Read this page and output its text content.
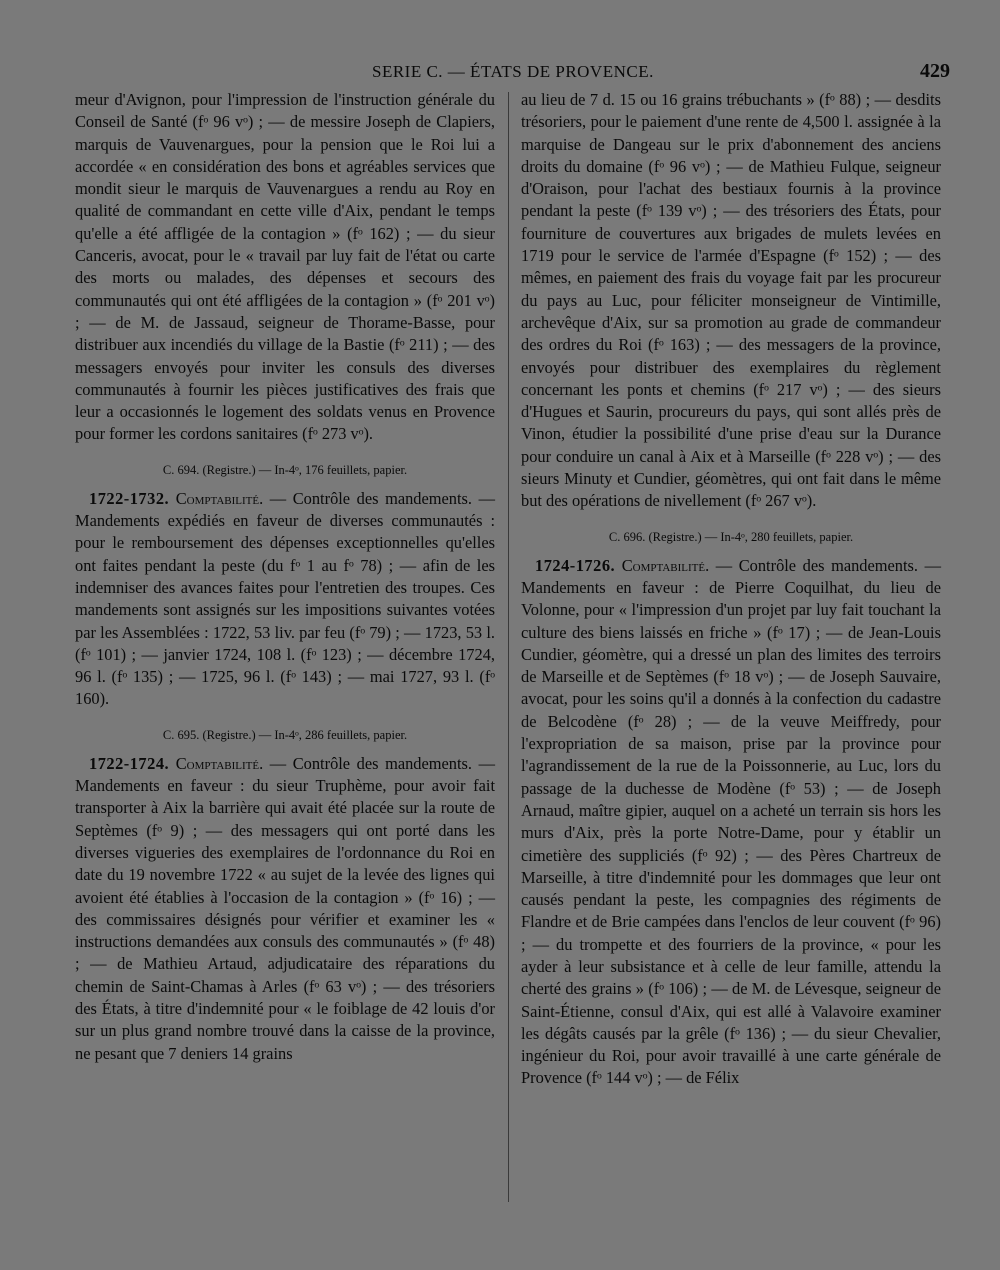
SERIE C. — ÉTATS DE PROVENCE.	429

meur d'Avignon, pour l'impression de l'instruction générale du Conseil de Santé (fᵒ 96 vᵒ) ; — de messire Joseph de Clapiers, marquis de Vauvenargues, pour la pension que le Roi lui a accordée « en considération des bons et agréables services que mondit sieur le marquis de Vauvenargues a rendu au Roy en qualité de commandant en cette ville d'Aix, pendant le temps qu'elle a été affligée de la contagion » (fᵒ 162) ; — du sieur Canceris, avocat, pour le « travail par luy fait de l'état ou carte des morts ou malades, des dépenses et secours des communautés qui ont été affligées de la contagion » (fᵒ 201 vᵒ) ; — de M. de Jassaud, seigneur de Thorame-Basse, pour distribuer aux incendiés du village de la Bastie (fᵒ 211) ; — des messagers envoyés pour inviter les consuls des diverses communautés à fournir les pièces justificatives des frais que leur a occasionnés le logement des soldats venus en Provence pour former les cordons sanitaires (fᵒ 273 vᵒ).

C. 694. (Registre.) — In-4ᵒ, 176 feuillets, papier.

1722-1732. Comptabilité. — Contrôle des mandements. — Mandements expédiés en faveur de diverses communautés : pour le remboursement des dépenses exceptionnelles qu'elles ont faites pendant la peste (du fᵒ 1 au fᵒ 78) ; — afin de les indemniser des avances faites pour l'entretien des troupes. Ces mandements sont assignés sur les impositions suivantes votées par les Assemblées : 1722, 53 liv. par feu (fᵒ 79) ; — 1723, 53 l. (fᵒ 101) ; — janvier 1724, 108 l. (fᵒ 123) ; — décembre 1724, 96 l. (fᵒ 135) ; — 1725, 96 l. (fᵒ 143) ; — mai 1727, 93 l. (fᵒ 160).

C. 695. (Registre.) — In-4ᵒ, 286 feuillets, papier.

1722-1724. Comptabilité. — Contrôle des mandements. — Mandements en faveur : du sieur Truphème, pour avoir fait transporter à Aix la barrière qui avait été placée sur la route de Septèmes (fᵒ 9) ; — des messagers qui ont porté dans les diverses vigueries des exemplaires de l'ordonnance du Roi en date du 19 novembre 1722 « au sujet de la levée des lignes qui avoient été établies à l'occasion de la contagion » (fᵒ 16) ; — des commissaires désignés pour vérifier et examiner les « instructions demandées aux consuls des communautés » (fᵒ 48) ; — de Mathieu Artaud, adjudicataire des réparations du chemin de Saint-Chamas à Arles (fᵒ 63 vᵒ) ; — des trésoriers des États, à titre d'indemnité pour « le foiblage de 42 louis d'or sur un plus grand nombre trouvé dans la caisse de la province, ne pesant que 7 deniers 14 grains

au lieu de 7 d. 15 ou 16 grains trébuchants » (fᵒ 88) ; — desdits trésoriers, pour le paiement d'une rente de 4,500 l. assignée à la marquise de Dangeau sur le prix d'abonnement des anciens droits du domaine (fᵒ 96 vᵒ) ; — de Mathieu Fulque, seigneur d'Oraison, pour l'achat des bestiaux fournis à la province pendant la peste (fᵒ 139 vᵒ) ; — des trésoriers des États, pour fourniture de couvertures aux brigades de mulets levées en 1719 pour le service de l'armée d'Espagne (fᵒ 152) ; — des mêmes, en paiement des frais du voyage fait par les procureur du pays au Luc, pour féliciter monseigneur de Vintimille, archevêque d'Aix, sur sa promotion au grade de commandeur des ordres du Roi (fᵒ 163) ; — des messagers de la province, envoyés pour distribuer des exemplaires du règlement concernant les ponts et chemins (fᵒ 217 vᵒ) ; — des sieurs d'Hugues et Saurin, procureurs du pays, qui sont allés près de Vinon, étudier la possibilité d'une prise d'eau sur la Durance pour conduire un canal à Aix et à Marseille (fᵒ 228 vᵒ) ; — des sieurs Minuty et Cundier, géomètres, qui ont fait dans le même but des opérations de nivellement (fᵒ 267 vᵒ).

C. 696. (Registre.) — In-4ᵒ, 280 feuillets, papier.

1724-1726. Comptabilité. — Contrôle des mandements. — Mandements en faveur : de Pierre Coquilhat, du lieu de Volonne, pour « l'impression d'un projet par luy fait touchant la culture des biens laissés en friche » (fᵒ 17) ; — de Jean-Louis Cundier, géomètre, qui a dressé un plan des limites des terroirs de Marseille et de Septèmes (fᵒ 18 vᵒ) ; — de Joseph Sauvaire, avocat, pour les soins qu'il a donnés à la confection du cadastre de Belcodène (fᵒ 28) ; — de la veuve Meiffredy, pour l'expropriation de sa maison, prise par la province pour l'agrandissement de la rue de la Poissonnerie, au Luc, lors du passage de la duchesse de Modène (fᵒ 53) ; — de Joseph Arnaud, maître gipier, auquel on a acheté un terrain sis hors les murs d'Aix, près la porte Notre-Dame, pour y établir un cimetière des suppliciés (fᵒ 92) ; — des Pères Chartreux de Marseille, à titre d'indemnité pour les dommages que leur ont causés pendant la peste, les compagnies des régiments de Flandre et de Brie campées dans l'enclos de leur couvent (fᵒ 96) ; — du trompette et des fourriers de la province, « pour les ayder à leur subsistance et à celle de leur famille, attendu la cherté des grains » (fᵒ 106) ; — de M. de Lévesque, seigneur de Saint-Étienne, consul d'Aix, qui est allé à Valavoire examiner les dégâts causés par la grêle (fᵒ 136) ; — du sieur Chevalier, ingénieur du Roi, pour avoir travaillé à une carte générale de Provence (fᵒ 144 vᵒ) ; — de Félix
